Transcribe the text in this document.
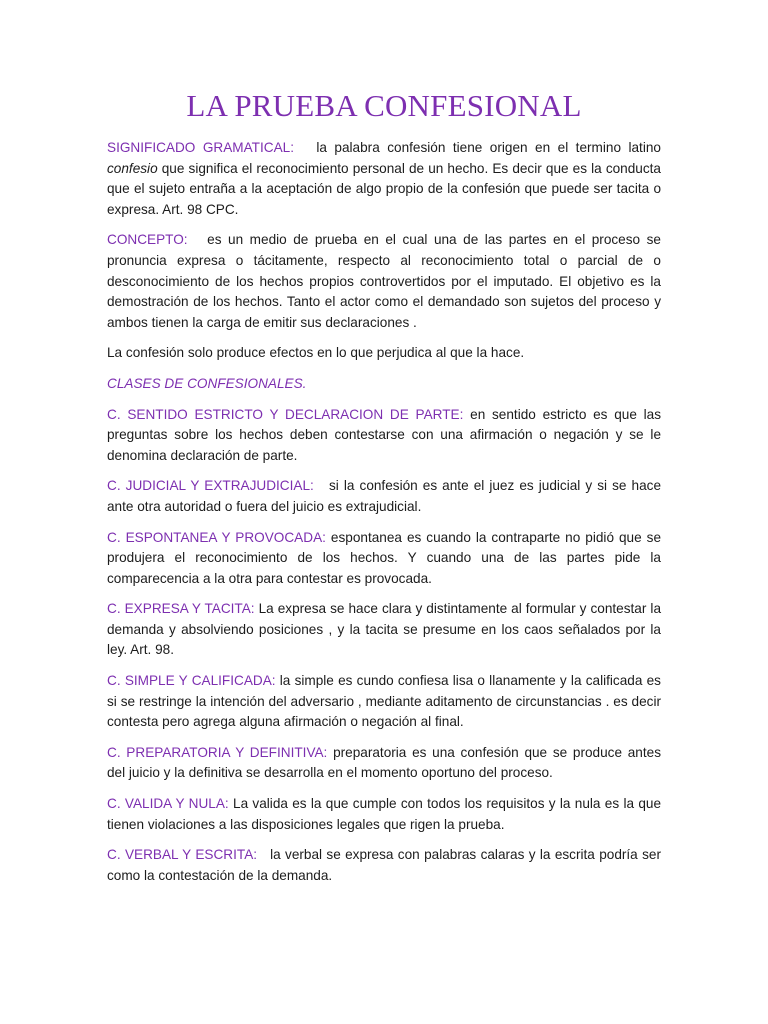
LA PRUEBA CONFESIONAL

SIGNIFICADO GRAMATICAL: la palabra confesión tiene origen en el termino latino confesio que significa el reconocimiento personal de un hecho. Es decir que es la conducta que el sujeto entraña a la aceptación de algo propio de la confesión que puede ser tacita o expresa. Art. 98 CPC.

CONCEPTO: es un medio de prueba en el cual una de las partes en el proceso se pronuncia expresa o tácitamente, respecto al reconocimiento total o parcial de o desconocimiento de los hechos propios controvertidos por el imputado. El objetivo es la demostración de los hechos. Tanto el actor como el demandado son sujetos del proceso y ambos tienen la carga de emitir sus declaraciones .

La confesión solo produce efectos en lo que perjudica al que la hace.

CLASES DE CONFESIONALES.

C. SENTIDO ESTRICTO Y DECLARACION DE PARTE: en sentido estricto es que las preguntas sobre los hechos deben contestarse con una afirmación o negación y se le denomina declaración de parte.

C. JUDICIAL Y EXTRAJUDICIAL: si la confesión es ante el juez es judicial y si se hace ante otra autoridad o fuera del juicio es extrajudicial.

C. ESPONTANEA Y PROVOCADA: espontanea es cuando la contraparte no pidió que se produjera el reconocimiento de los hechos. Y cuando una de las partes pide la comparecencia a la otra para contestar es provocada.

C. EXPRESA Y TACITA: La expresa se hace clara y distintamente al formular y contestar la demanda y absolviendo posiciones , y la tacita se presume en los caos señalados por la ley. Art. 98.

C. SIMPLE Y CALIFICADA: la simple es cundo confiesa lisa o llanamente y la calificada es si se restringe la intención del adversario , mediante aditamento de circunstancias . es decir contesta pero agrega alguna afirmación o negación al final.

C. PREPARATORIA Y DEFINITIVA: preparatoria es una confesión que se produce antes del juicio y la definitiva se desarrolla en el momento oportuno del proceso.

C. VALIDA Y NULA: La valida es la que cumple con todos los requisitos y la nula es la que tienen violaciones a las disposiciones legales que rigen la prueba.

C. VERBAL Y ESCRITA: la verbal se expresa con palabras calaras y la escrita podría ser como la contestación de la demanda.
